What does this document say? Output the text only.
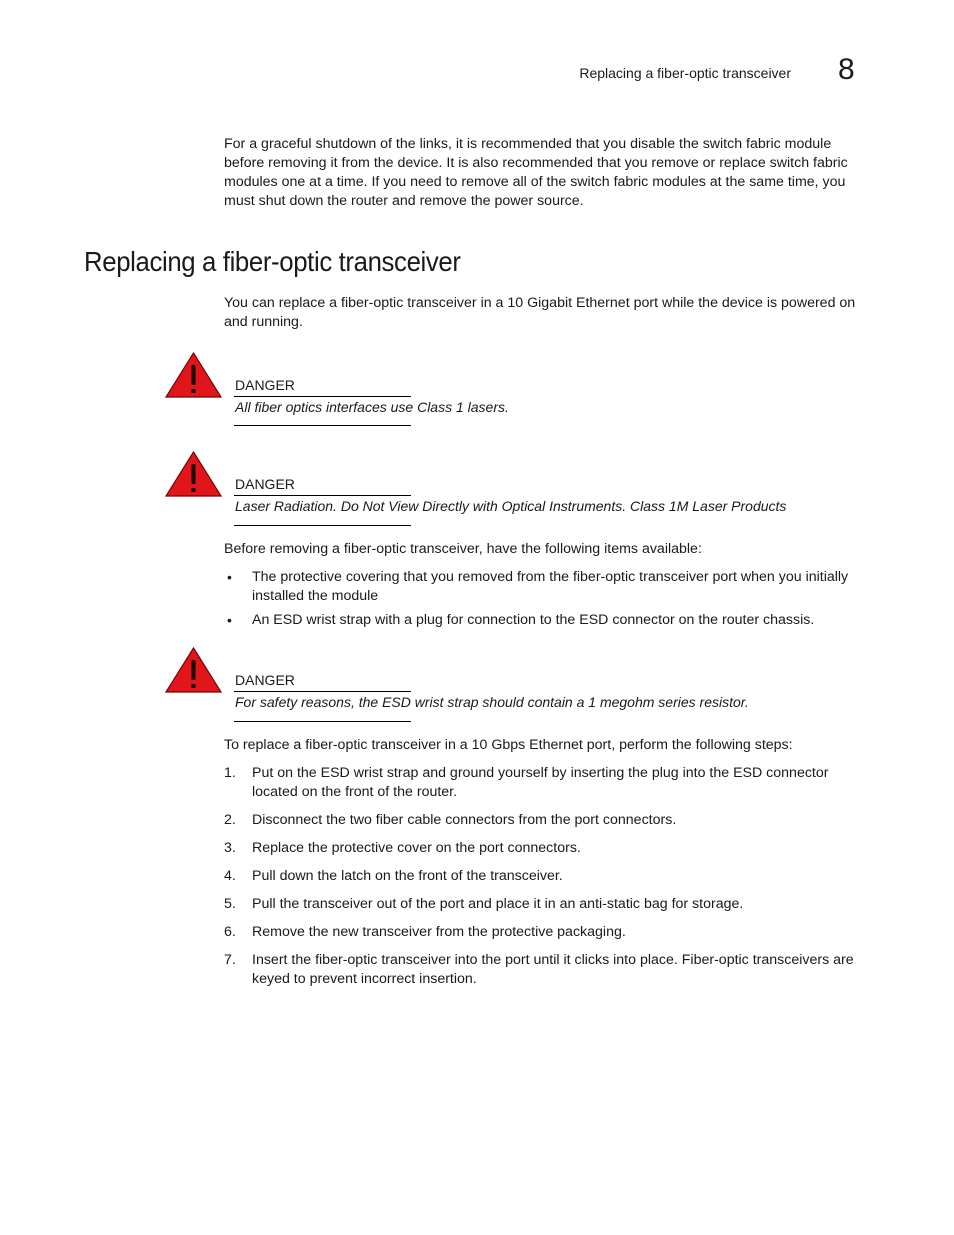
Replacing a fiber-optic transceiver 8

For a graceful shutdown of the links, it is recommended that you disable the switch fabric module before removing it from the device. It is also recommended that you remove or replace switch fabric modules one at a time. If you need to remove all of the switch fabric modules at the same time, you must shut down the router and remove the power source.

Replacing a fiber-optic transceiver

You can replace a fiber-optic transceiver in a 10 Gigabit Ethernet port while the device is powered on and running.

DANGER
All fiber optics interfaces use Class 1 lasers.
DANGER
Laser Radiation. Do Not View Directly with Optical Instruments. Class 1M Laser Products

Before removing a fiber-optic transceiver, have the following items available:

• The protective covering that you removed from the fiber-optic transceiver port when you initially installed the module

• An ESD wrist strap with a plug for connection to the ESD connector on the router chassis.

DANGER
For safety reasons, the ESD wrist strap should contain a 1 megohm series resistor.

To replace a fiber-optic transceiver in a 10 Gbps Ethernet port, perform the following steps:

1. Put on the ESD wrist strap and ground yourself by inserting the plug into the ESD connector located on the front of the router.

2. Disconnect the two fiber cable connectors from the port connectors.

3. Replace the protective cover on the port connectors.

4. Pull down the latch on the front of the transceiver.

5. Pull the transceiver out of the port and place it in an anti-static bag for storage.

6. Remove the new transceiver from the protective packaging.

7. Insert the fiber-optic transceiver into the port until it clicks into place. Fiber-optic transceivers are keyed to prevent incorrect insertion.
